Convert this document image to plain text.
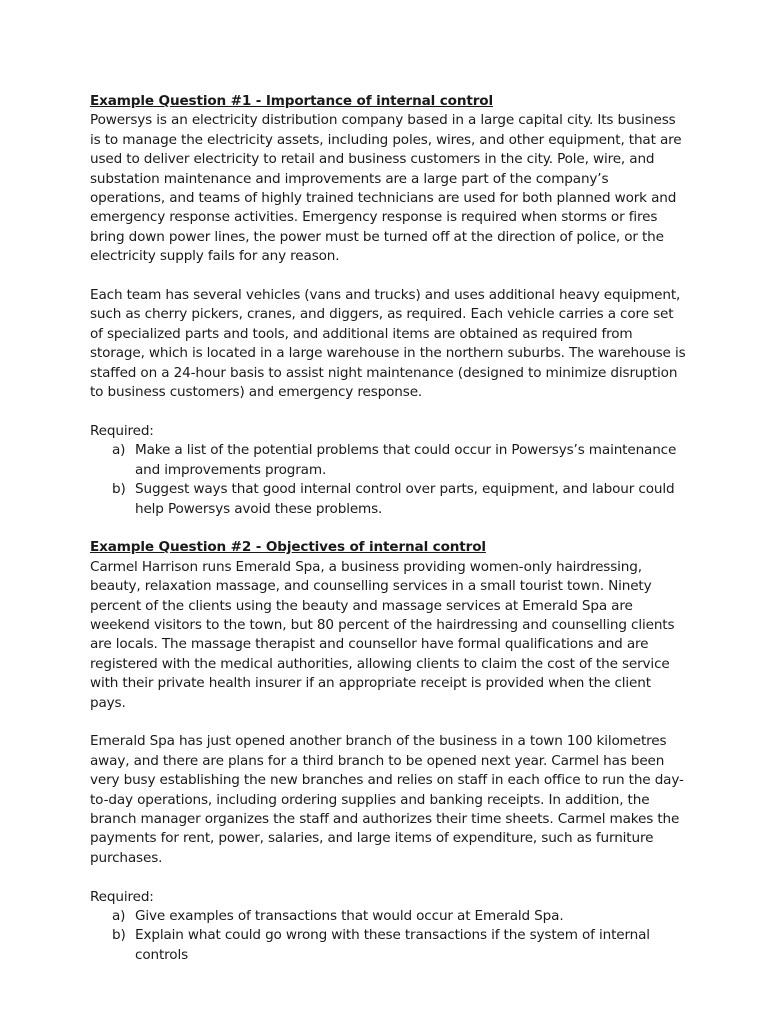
Example Question #1 - Importance of internal control

Powersys is an electricity distribution company based in a large capital city. Its business is to manage the electricity assets, including poles, wires, and other equipment, that are used to deliver electricity to retail and business customers in the city. Pole, wire, and substation maintenance and improvements are a large part of the company’s operations, and teams of highly trained technicians are used for both planned work and emergency response activities. Emergency response is required when storms or fires bring down power lines, the power must be turned off at the direction of police, or the electricity supply fails for any reason.

Each team has several vehicles (vans and trucks) and uses additional heavy equipment, such as cherry pickers, cranes, and diggers, as required. Each vehicle carries a core set of specialized parts and tools, and additional items are obtained as required from storage, which is located in a large warehouse in the northern suburbs. The warehouse is staffed on a 24-hour basis to assist night maintenance (designed to minimize disruption to business customers) and emergency response.

Required:

a) Make a list of the potential problems that could occur in Powersys’s maintenance and improvements program.
b) Suggest ways that good internal control over parts, equipment, and labour could help Powersys avoid these problems.

Example Question #2 - Objectives of internal control

Carmel Harrison runs Emerald Spa, a business providing women-only hairdressing, beauty, relaxation massage, and counselling services in a small tourist town. Ninety percent of the clients using the beauty and massage services at Emerald Spa are weekend visitors to the town, but 80 percent of the hairdressing and counselling clients are locals. The massage therapist and counsellor have formal qualifications and are registered with the medical authorities, allowing clients to claim the cost of the service with their private health insurer if an appropriate receipt is provided when the client pays.

Emerald Spa has just opened another branch of the business in a town 100 kilometres away, and there are plans for a third branch to be opened next year. Carmel has been very busy establishing the new branches and relies on staff in each office to run the day-to-day operations, including ordering supplies and banking receipts. In addition, the branch manager organizes the staff and authorizes their time sheets. Carmel makes the payments for rent, power, salaries, and large items of expenditure, such as furniture purchases.

Required:

a) Give examples of transactions that would occur at Emerald Spa.
b) Explain what could go wrong with these transactions if the system of internal controls
